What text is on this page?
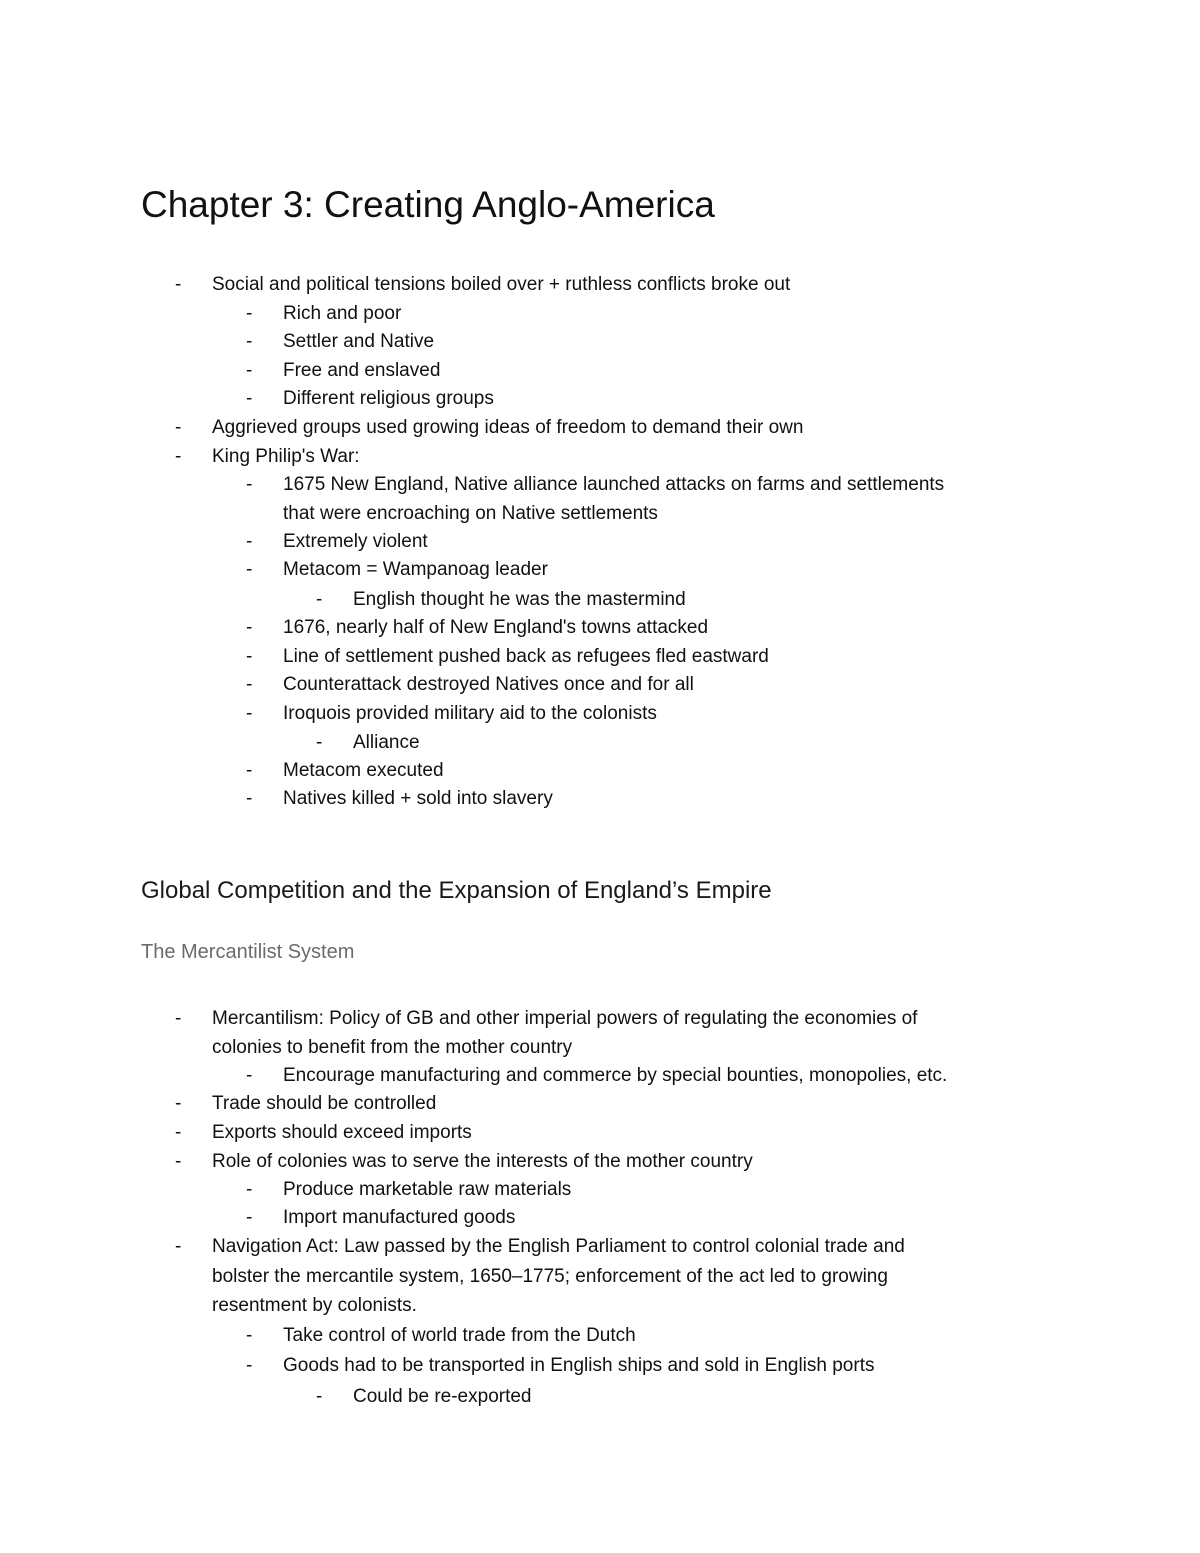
Chapter 3: Creating Anglo-America
- Social and political tensions boiled over + ruthless conflicts broke out
- Rich and poor
- Settler and Native
- Free and enslaved
- Different religious groups
- Aggrieved groups used growing ideas of freedom to demand their own
- King Philip's War:
- 1675 New England, Native alliance launched attacks on farms and settlements
that were encroaching on Native settlements
- Extremely violent
- Metacom = Wampanoag leader
- English thought he was the mastermind
- 1676, nearly half of New England's towns attacked
- Line of settlement pushed back as refugees fled eastward
- Counterattack destroyed Natives once and for all
- Iroquois provided military aid to the colonists
- Alliance
- Metacom executed
- Natives killed + sold into slavery
Global Competition and the Expansion of England’s Empire
The Mercantilist System
- Mercantilism: Policy of GB and other imperial powers of regulating the economies of
colonies to benefit from the mother country
- Encourage manufacturing and commerce by special bounties, monopolies, etc.
- Trade should be controlled
- Exports should exceed imports
- Role of colonies was to serve the interests of the mother country
- Produce marketable raw materials
- Import manufactured goods
- Navigation Act: Law passed by the English Parliament to control colonial trade and
bolster the mercantile system, 1650–1775; enforcement of the act led to growing
resentment by colonists.
- Take control of world trade from the Dutch
- Goods had to be transported in English ships and sold in English ports
- Could be re-exported
